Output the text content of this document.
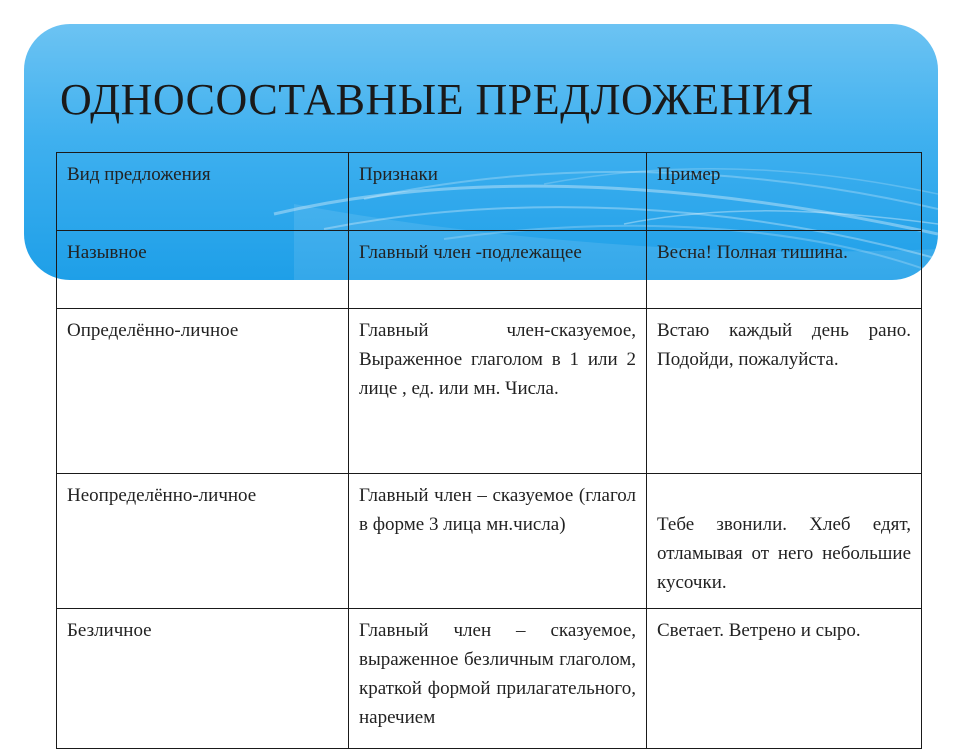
ОДНОСОСТАВНЫЕ ПРЕДЛОЖЕНИЯ
Вид предложения	Признаки	Пример
Назывное	Главный член -подлежащее	Весна! Полная тишина.
Определённо-личное	Главный член-сказуемое, Выраженное глаголом в 1 или 2 лице , ед. или мн. Числа.	Встаю каждый день рано. Подойди, пожалуйста.
Неопределённо-личное	Главный член – сказуемое (глагол в форме 3 лица мн.числа)	Тебе звонили. Хлеб едят, отламывая от него небольшие кусочки.
Безличное	Главный член – сказуемое, выраженное безличным глаголом, краткой формой прилагательного, наречием	Светает. Ветрено и сыро.
